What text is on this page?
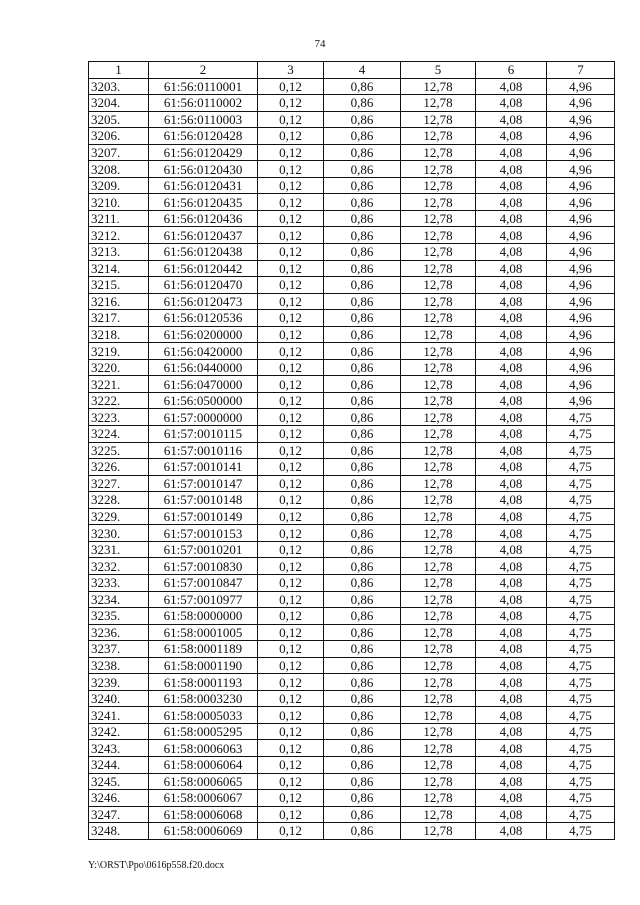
74
1	2	3	4	5	6	7
3203.	61:56:0110001	0,12	0,86	12,78	4,08	4,96
3204.	61:56:0110002	0,12	0,86	12,78	4,08	4,96
3205.	61:56:0110003	0,12	0,86	12,78	4,08	4,96
3206.	61:56:0120428	0,12	0,86	12,78	4,08	4,96
3207.	61:56:0120429	0,12	0,86	12,78	4,08	4,96
3208.	61:56:0120430	0,12	0,86	12,78	4,08	4,96
3209.	61:56:0120431	0,12	0,86	12,78	4,08	4,96
3210.	61:56:0120435	0,12	0,86	12,78	4,08	4,96
3211.	61:56:0120436	0,12	0,86	12,78	4,08	4,96
3212.	61:56:0120437	0,12	0,86	12,78	4,08	4,96
3213.	61:56:0120438	0,12	0,86	12,78	4,08	4,96
3214.	61:56:0120442	0,12	0,86	12,78	4,08	4,96
3215.	61:56:0120470	0,12	0,86	12,78	4,08	4,96
3216.	61:56:0120473	0,12	0,86	12,78	4,08	4,96
3217.	61:56:0120536	0,12	0,86	12,78	4,08	4,96
3218.	61:56:0200000	0,12	0,86	12,78	4,08	4,96
3219.	61:56:0420000	0,12	0,86	12,78	4,08	4,96
3220.	61:56:0440000	0,12	0,86	12,78	4,08	4,96
3221.	61:56:0470000	0,12	0,86	12,78	4,08	4,96
3222.	61:56:0500000	0,12	0,86	12,78	4,08	4,96
3223.	61:57:0000000	0,12	0,86	12,78	4,08	4,75
3224.	61:57:0010115	0,12	0,86	12,78	4,08	4,75
3225.	61:57:0010116	0,12	0,86	12,78	4,08	4,75
3226.	61:57:0010141	0,12	0,86	12,78	4,08	4,75
3227.	61:57:0010147	0,12	0,86	12,78	4,08	4,75
3228.	61:57:0010148	0,12	0,86	12,78	4,08	4,75
3229.	61:57:0010149	0,12	0,86	12,78	4,08	4,75
3230.	61:57:0010153	0,12	0,86	12,78	4,08	4,75
3231.	61:57:0010201	0,12	0,86	12,78	4,08	4,75
3232.	61:57:0010830	0,12	0,86	12,78	4,08	4,75
3233.	61:57:0010847	0,12	0,86	12,78	4,08	4,75
3234.	61:57:0010977	0,12	0,86	12,78	4,08	4,75
3235.	61:58:0000000	0,12	0,86	12,78	4,08	4,75
3236.	61:58:0001005	0,12	0,86	12,78	4,08	4,75
3237.	61:58:0001189	0,12	0,86	12,78	4,08	4,75
3238.	61:58:0001190	0,12	0,86	12,78	4,08	4,75
3239.	61:58:0001193	0,12	0,86	12,78	4,08	4,75
3240.	61:58:0003230	0,12	0,86	12,78	4,08	4,75
3241.	61:58:0005033	0,12	0,86	12,78	4,08	4,75
3242.	61:58:0005295	0,12	0,86	12,78	4,08	4,75
3243.	61:58:0006063	0,12	0,86	12,78	4,08	4,75
3244.	61:58:0006064	0,12	0,86	12,78	4,08	4,75
3245.	61:58:0006065	0,12	0,86	12,78	4,08	4,75
3246.	61:58:0006067	0,12	0,86	12,78	4,08	4,75
3247.	61:58:0006068	0,12	0,86	12,78	4,08	4,75
3248.	61:58:0006069	0,12	0,86	12,78	4,08	4,75
Y:\ORST\Ppo\0616p558.f20.docx
